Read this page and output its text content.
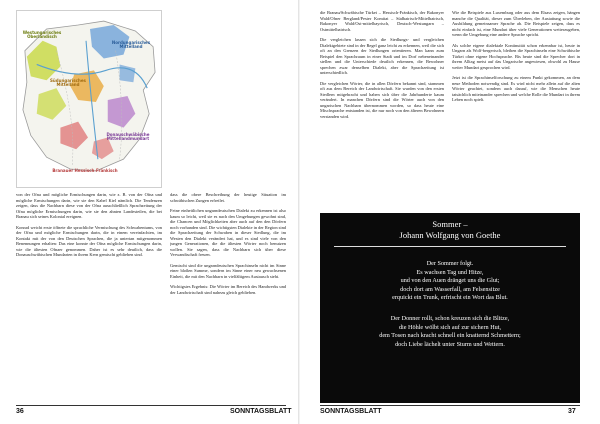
Westungarisches Oberlandisch
Nordungarisches Mittelland
Südungarisches Mittelland
Donauschwäbische Mittellandmundart
Branauer Hessisch-Fränkisch

von der Ofna und mögliche Ermischungen darin, wie z. B. von der Ofna und mögliche Ermischungen darin, wie sie den Kabel Kiel nämlich. Die Tendenzen zeigen, dass die Nachbarn diese von der Ofna ausschließlich Sprachzeitung der Ofna mögliche Ermischungen darin, wie sie den ahnten Landesteilen, die bei Branau sich seines Kolonial ereignen.

Konrad weicht erste öffnete die sprachliche Vermischung des Schwabentums, von der Ofna und mögliche Ermischungen darin, die in einem vereinfachten, im Kontakt mit der von den Deutschen Sprachen, die ja untertan mitgenommen Benennungen erhalten: Das eine konnte der Ofna mögliche Ermischungen darin, wie die ältesten Ofnaer genommen. Daher ist es sehr deutlich, dass die Donauschwäbischen Mundarten in ihrem Kern gemischt geblieben sind.

dass die obere Beschreibung der heutige Situation im schwäbischen Zungen erfreilet.

Feine einheitlichen ungarndeutschen Dialekt zu erkennen ist also kaum so leicht, weil sie es nach den Umgebungen gewohnt sind, die Chancen und Möglichkeiten aber auch auf den den Dörfern noch vorhanden sind. Die wichtigsten Dialekte in der Region sind die Sprachzeitung der Schwaben in dieser Siedlung, die im Westen den Dialekt verändert hat, und es sind viele von den jungen Generationen, die die ältesten Wörter noch benutzen wollen. Sie sagen, dass die Nachbarn sich über diese Verwandtschaft freuen.

Gemischt sind die ungarndeutschen Sprachinseln nicht im Sinne einer bloßen Summe, sondern im Sinne einer neu gewachsenen Einheit, die mit den Nachbarn in vielfältigem Austausch steht.

Wichtigstes Ergebnis: Die Wörter im Bereich des Handwerks und der Landwirtschaft sind nahezu gleich geblieben.

36	SONNTAGSBLATT

die Branau/Schwäbische Türkei – Hessisch-Fränkisch, der Bakonyer Wald/Ofner Bergland/Pester Komitat – Südbairisch-Mittelbairisch, Bakonyer Wald/Ost-mittelbayrisch, Deutsch-Westungarn – Ostmittelbairisch.

Die vergleichen lassen sich die Siedlungs- und vergleichen Dialektgebiete sind in der Regel ganz leicht zu erkennen, weil die sich oft an den Grenzen der Siedlungen orientieren. Man kann zum Beispiel den Sprachraum in einer Stadt und im Dorf nebeneinander stellen und die Unterschiede deutlich erkennen, die Bewohner sprechen zwar denselben Dialekt, aber die Sprachzeitung ist unterschiedlich.

Die vergleichen Wörter, die in allen Dörfern bekannt sind, stammen oft aus dem Bereich der Landwirtschaft. Sie wurden von den ersten Siedlern mitgebracht und haben sich über die Jahrhunderte kaum verändert. In manchen Dörfern sind die Wörter auch von den ungarischen Nachbarn übernommen worden, so dass heute eine Mischsprache entstanden ist, die nur noch von den älteren Bewohnern verstanden wird.

Wie die Beispiele aus Luxemburg oder aus dem Elsass zeigen, hängen manche die Qualität, dieser zum Überleben, der Austattung sowie die Ausbildung gemeinsamer Sprache ab. Die Beispiele zeigen, dass es nicht einfach ist, eine Mundart über viele Generationen weiterzugeben, wenn die Umgebung eine andere Sprache spricht.

Als solche eigene dialektale Kontinuität schon erkennbar ist, heute in Ungarn als Wolf-bergerisch, bleiben die Sprachinseln eine Schwäbische Türkei ohne eigene Hochsprache. Bis heute sind die Sprecher dort in ihrem Alltag meist auf das Ungarische angewiesen, obwohl zu Hause weiter Mundart gesprochen wird.

Jetzt ist die Sprachinselforschung zu einem Punkt gekommen, an dem neue Methoden notwendig sind. Es wird nicht mehr allein auf die alten Wörter geachtet, sondern auch darauf, wie die Menschen heute tatsächlich miteinander sprechen und welche Rolle die Mundart in ihrem Leben noch spielt.

SONNTAGSBLATT	37
Sommer –
Johann Wolfgang von Goethe
Der Sommer folgt.
Es wachsen Tag und Hitze,
und von den Auen dränget uns die Glut;
doch dort am Wasserfall, am Felsensitze
erquickt ein Trunk, erfrischt ein Wort das Blut.
Der Donner rollt, schon kreuzen sich die Blitze,
die Höhle wölbt sich auf zur sichern Hut,
dem Tosen nach kracht schnell ein knatternd Schmettern;
doch Liebe lächelt unter Sturm und Wettern.
